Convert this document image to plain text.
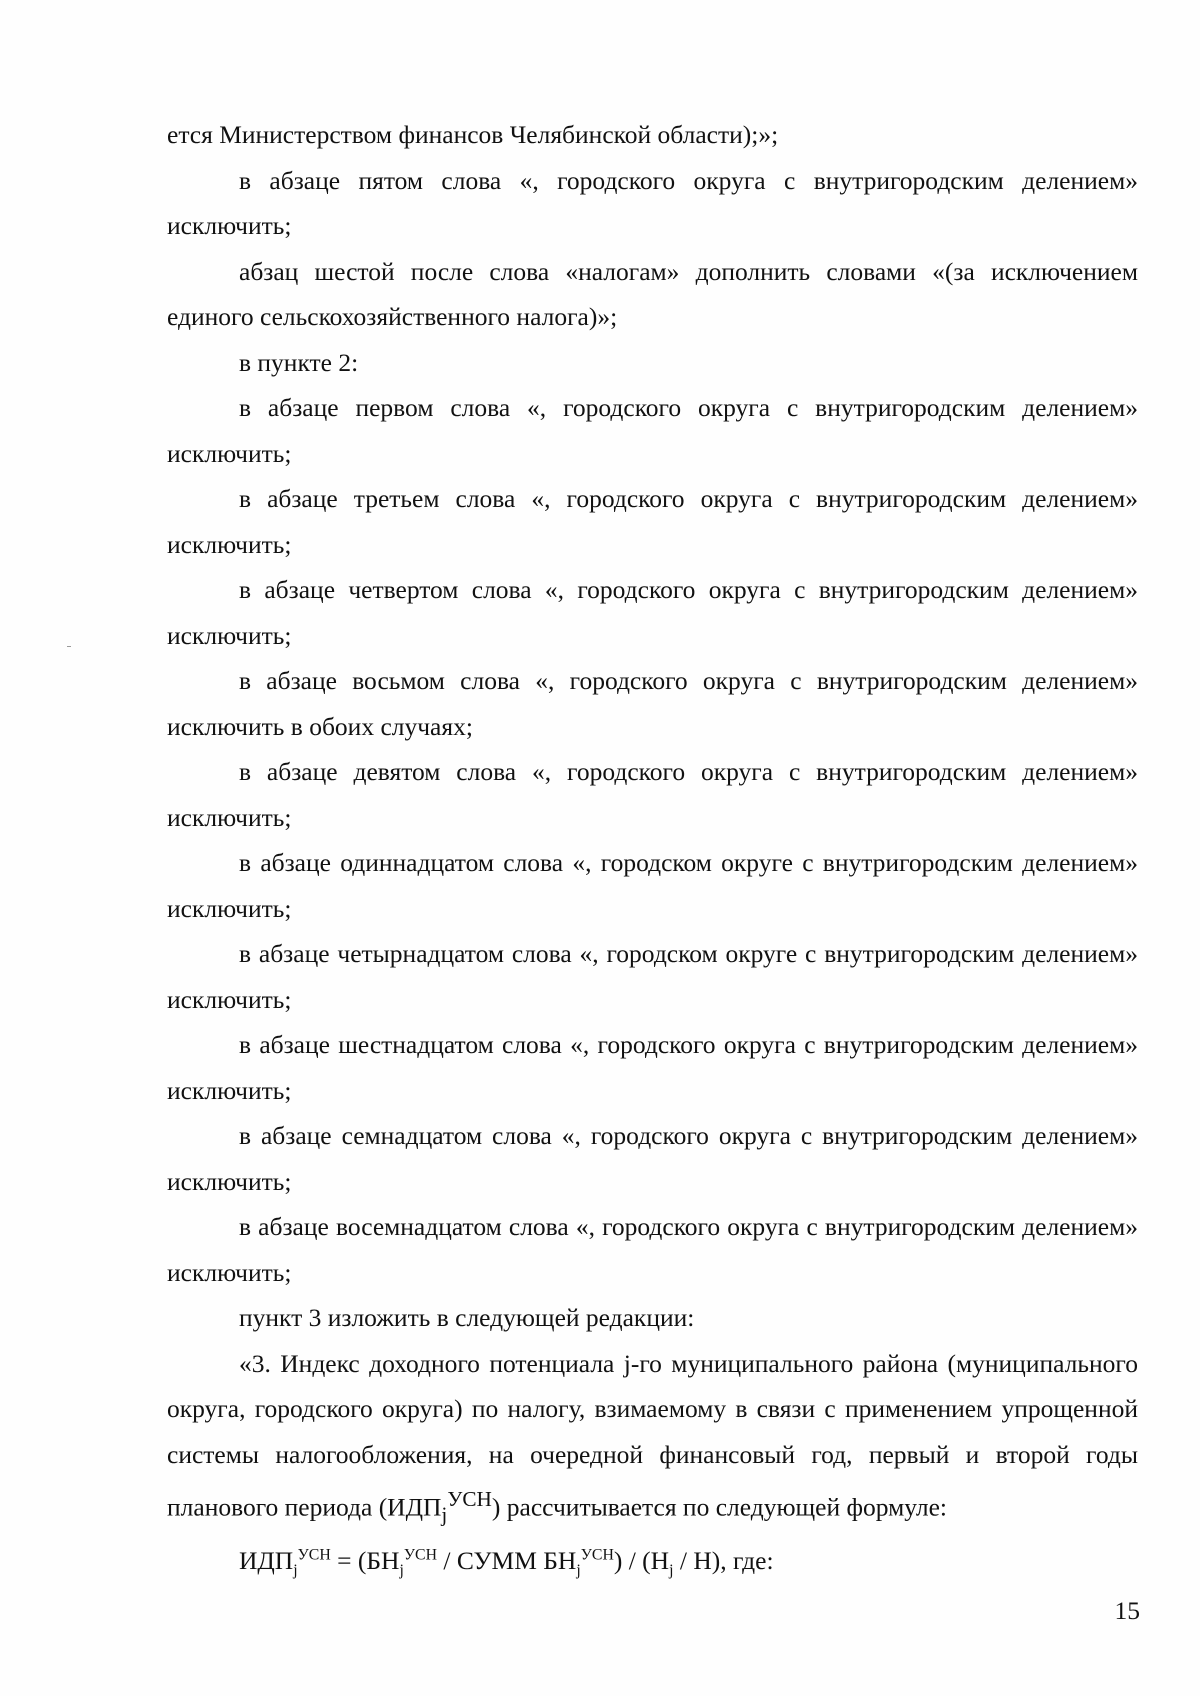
ется Министерством финансов Челябинской области);»;

в абзаце пятом слова «, городского округа с внутригородским делением» исключить;

абзац шестой после слова «налогам» дополнить словами «(за исключением единого сельскохозяйственного налога)»;

в пункте 2:

в абзаце первом слова «, городского округа с внутригородским делением» исключить;

в абзаце третьем слова «, городского округа с внутригородским делением» исключить;

в абзаце четвертом слова «, городского округа с внутригородским делением» исключить;

в абзаце восьмом слова «, городского округа с внутригородским делением» исключить в обоих случаях;

в абзаце девятом слова «, городского округа с внутригородским делением» исключить;

в абзаце одиннадцатом слова «, городском округе с внутригородским делением» исключить;

в абзаце четырнадцатом слова «, городском округе с внутригородским делением» исключить;

в абзаце шестнадцатом слова «, городского округа с внутригородским делением» исключить;

в абзаце семнадцатом слова «, городского округа с внутригородским делением» исключить;

в абзаце восемнадцатом слова «, городского округа с внутригородским делением» исключить;

пункт 3 изложить в следующей редакции:

«3. Индекс доходного потенциала j-го муниципального района (муниципального округа, городского округа) по налогу, взимаемому в связи с применением упрощенной системы налогообложения, на очередной финансовый год, первый и второй годы планового периода $(ИДП_j^{УСН})$ рассчитывается по следующей формуле:

$ИДП_j^{УСН} = (БН_j^{УСН}$ / СУММ $БН_j^{УСН}) / (Н_j / Н)$, где:

15
